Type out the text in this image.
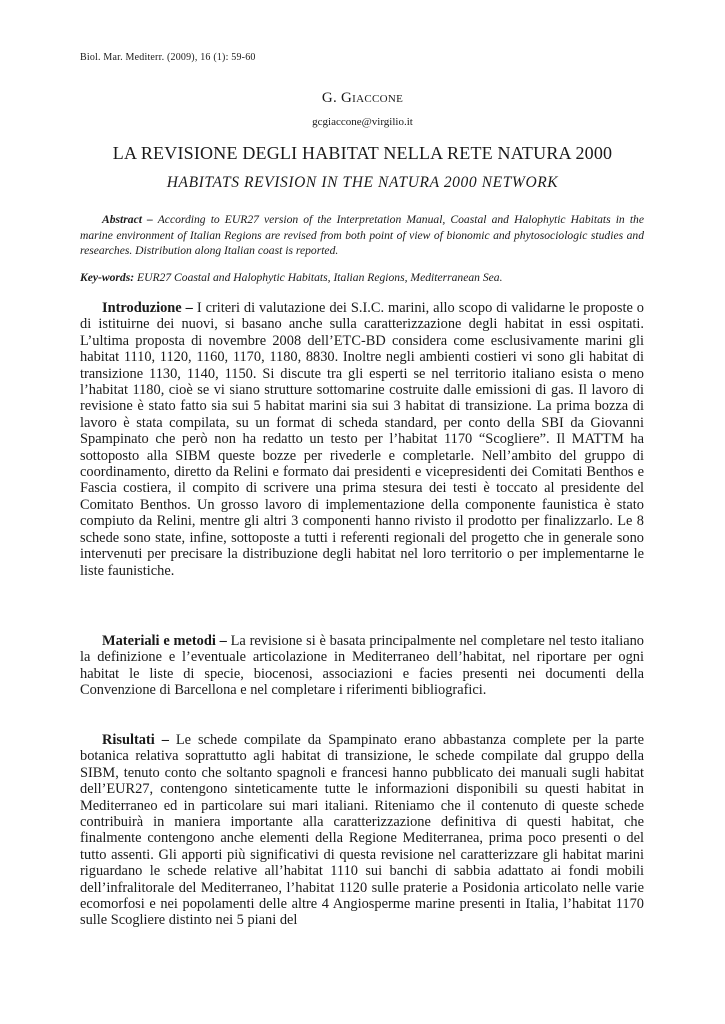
Biol. Mar. Mediterr. (2009), 16 (1): 59-60
G. Giaccone
gcgiaccone@virgilio.it
LA REVISIONE DEGLI HABITAT NELLA RETE NATURA 2000
HABITATS REVISION IN THE NATURA 2000 NETWORK
Abstract – According to EUR27 version of the Interpretation Manual, Coastal and Halophytic Habitats in the marine environment of Italian Regions are revised from both point of view of bionomic and phytosociologic studies and researches. Distribution along Italian coast is reported.
Key-words: EUR27 Coastal and Halophytic Habitats, Italian Regions, Mediterranean Sea.
Introduzione – I criteri di valutazione dei S.I.C. marini, allo scopo di validarne le proposte o di istituirne dei nuovi, si basano anche sulla caratterizzazione degli habitat in essi ospitati. L’ultima proposta di novembre 2008 dell’ETC-BD considera come esclusivamente marini gli habitat 1110, 1120, 1160, 1170, 1180, 8830. Inoltre negli ambienti costieri vi sono gli habitat di transizione 1130, 1140, 1150. Si discute tra gli esperti se nel territorio italiano esista o meno l’habitat 1180, cioè se vi siano strutture sottomarine costruite dalle emissioni di gas. Il lavoro di revisione è stato fatto sia sui 5 habitat marini sia sui 3 habitat di transizione. La prima bozza di lavoro è stata compilata, su un format di scheda standard, per conto della SBI da Giovanni Spampinato che però non ha redatto un testo per l’habitat 1170 “Scogliere”. Il MATTM ha sottoposto alla SIBM queste bozze per rivederle e completarle. Nell’ambito del gruppo di coordinamento, diretto da Relini e formato dai presidenti e vicepresidenti dei Comitati Benthos e Fascia costiera, il compito di scrivere una prima stesura dei testi è toccato al presidente del Comitato Benthos. Un grosso lavoro di implementazione della componente faunistica è stato compiuto da Relini, mentre gli altri 3 componenti hanno rivisto il prodotto per finalizzarlo. Le 8 schede sono state, infine, sottoposte a tutti i referenti regionali del progetto che in generale sono intervenuti per precisare la distribuzione degli habitat nel loro territorio o per implementarne le liste faunistiche.
Materiali e metodi – La revisione si è basata principalmente nel completare nel testo italiano la definizione e l’eventuale articolazione in Mediterraneo dell’habitat, nel riportare per ogni habitat le liste di specie, biocenosi, associazioni e facies presenti nei documenti della Convenzione di Barcellona e nel completare i riferimenti bibliografici.
Risultati – Le schede compilate da Spampinato erano abbastanza complete per la parte botanica relativa soprattutto agli habitat di transizione, le schede compilate dal gruppo della SIBM, tenuto conto che soltanto spagnoli e francesi hanno pubblicato dei manuali sugli habitat dell’EUR27, contengono sinteticamente tutte le informazioni disponibili su questi habitat in Mediterraneo ed in particolare sui mari italiani. Riteniamo che il contenuto di queste schede contribuirà in maniera importante alla caratterizzazione definitiva di questi habitat, che finalmente contengono anche elementi della Regione Mediterranea, prima poco presenti o del tutto assenti. Gli apporti più significativi di questa revisione nel caratterizzare gli habitat marini riguardano le schede relative all’habitat 1110 sui banchi di sabbia adattato ai fondi mobili dell’infralitorale del Mediterraneo, l’habitat 1120 sulle praterie a Posidonia articolato nelle varie ecomorfosi e nei popolamenti delle altre 4 Angiosperme marine presenti in Italia, l’habitat 1170 sulle Scogliere distinto nei 5 piani del
